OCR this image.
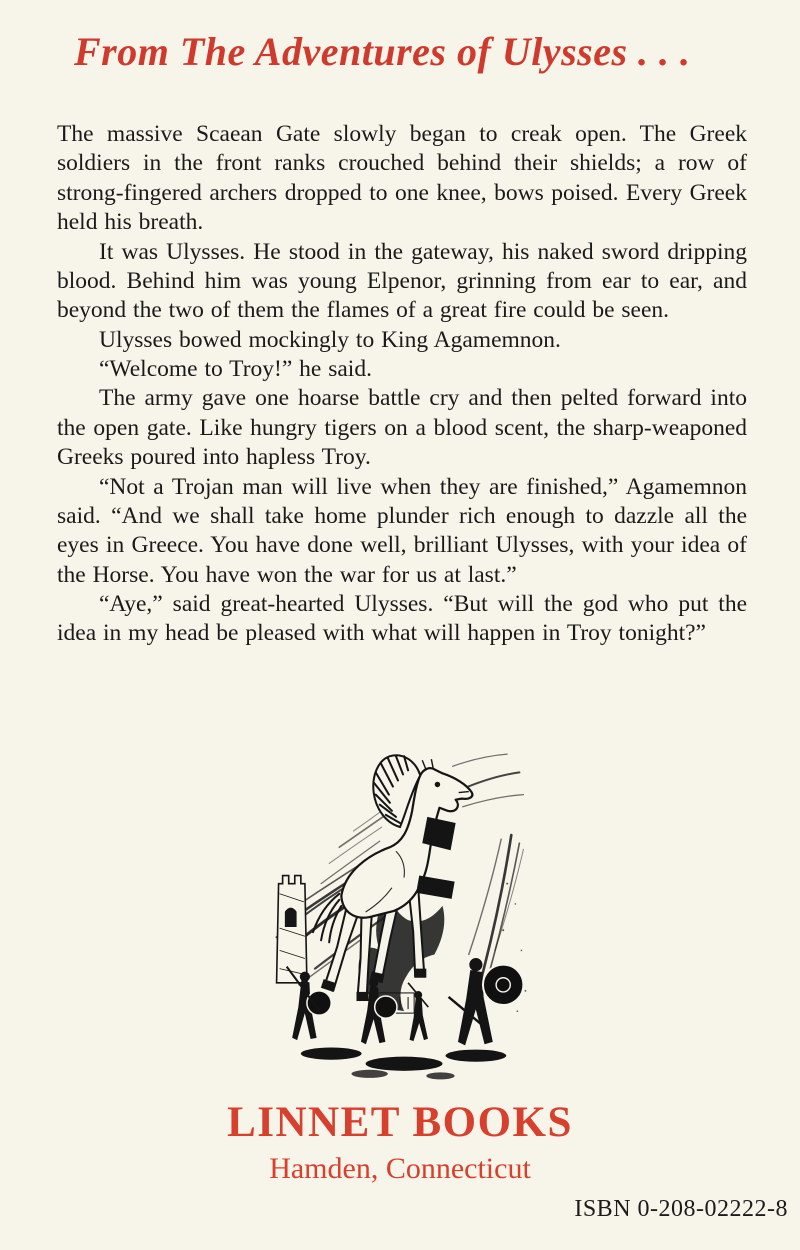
From The Adventures of Ulysses . . .

The massive Scaean Gate slowly began to creak open. The Greek soldiers in the front ranks crouched behind their shields; a row of strong-fingered archers dropped to one knee, bows poised. Every Greek held his breath.

It was Ulysses. He stood in the gateway, his naked sword dripping blood. Behind him was young Elpenor, grinning from ear to ear, and beyond the two of them the flames of a great fire could be seen.

Ulysses bowed mockingly to King Agamemnon.

“Welcome to Troy!” he said.

The army gave one hoarse battle cry and then pelted forward into the open gate. Like hungry tigers on a blood scent, the sharp-weaponed Greeks poured into hapless Troy.

“Not a Trojan man will live when they are finished,” Agamemnon said. “And we shall take home plunder rich enough to dazzle all the eyes in Greece. You have done well, brilliant Ulysses, with your idea of the Horse. You have won the war for us at last.”

“Aye,” said great-hearted Ulysses. “But will the god who put the idea in my head be pleased with what will happen in Troy tonight?”

LINNET BOOKS
Hamden, Connecticut
ISBN 0-208-02222-8
